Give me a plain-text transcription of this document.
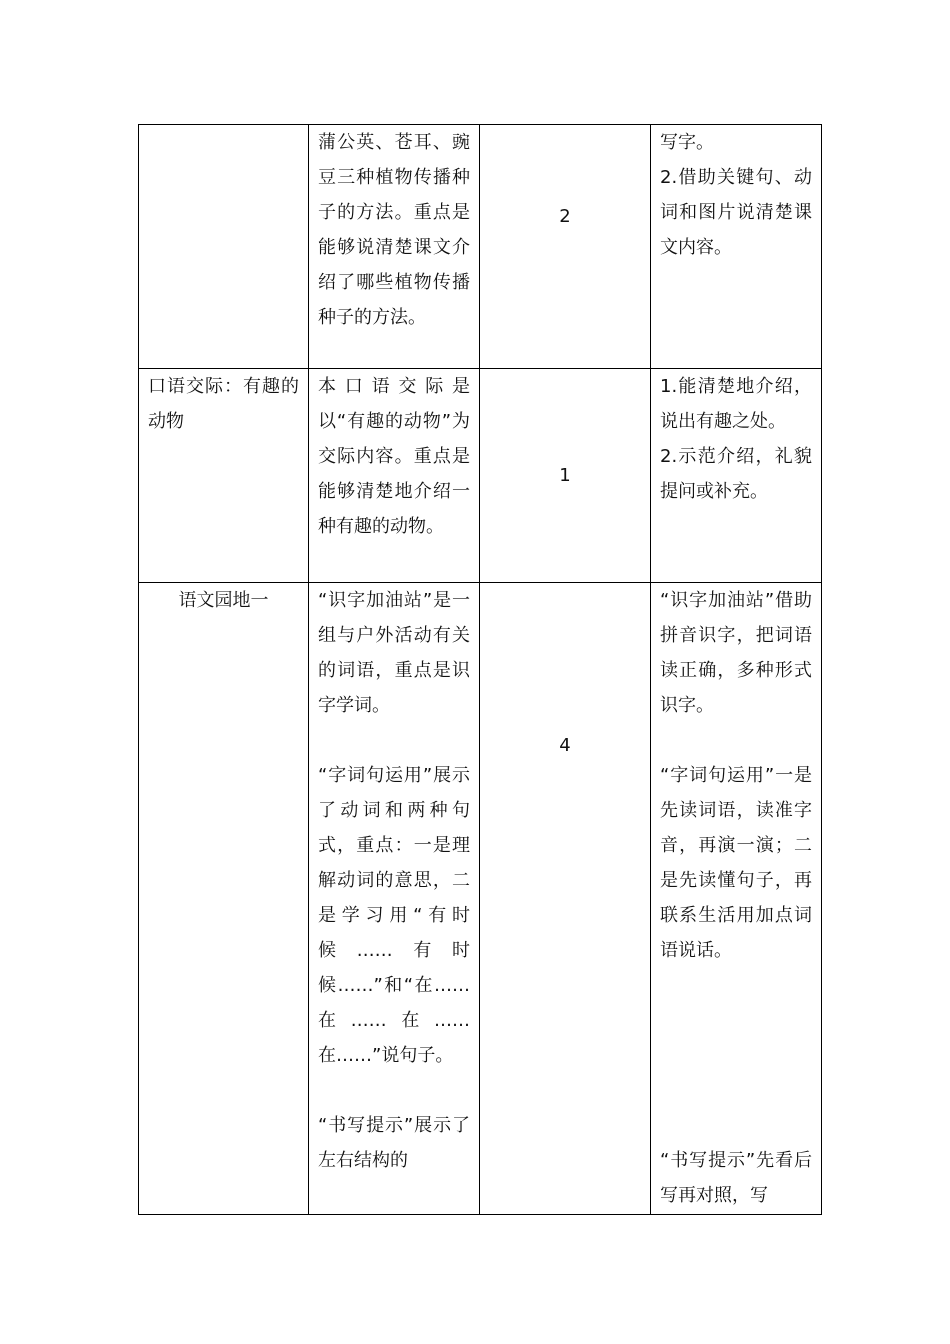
	蒲公英、苍耳、豌豆三种植物传播种子的方法。重点是能够说清楚课文介绍了哪些植物传播种子的方法。	2	写字。
2.借助关键句、动词和图片说清楚课文内容。

口语交际：有趣的动物	本口语交际是以“有趣的动物”为交际内容。重点是能够清楚地介绍一种有趣的动物。	1	1.能清楚地介绍，说出有趣之处。
2.示范介绍，礼貌提问或补充。

语文园地一	“识字加油站”是一组与户外活动有关的词语，重点是识字学词。
“字词句运用”展示了动词和两种句式，重点：一是理解动词的意思，二是学习用“有时候……有时候……”和“在……在……在……在……”说句子。
“书写提示”展示了左右结构的	4	“识字加油站”借助拼音识字，把词语读正确，多种形式识字。
“字词句运用”一是先读词语，读准字音，再演一演；二是先读懂句子，再联系生活用加点词语说话。
“书写提示”先看后写再对照，写
